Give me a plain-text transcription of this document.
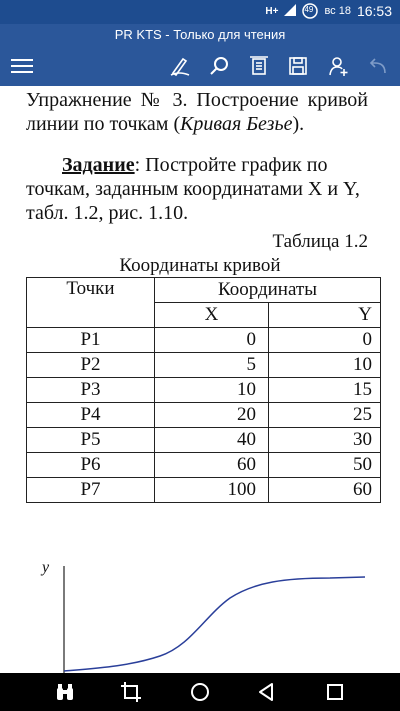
H+	49 вс 18 16:53
PR KTS - Только для чтения
Упражнение № 3. Построение кривой линии по точкам (Кривая Безье).
Задание: Постройте график по точкам, заданным координатами X и Y, табл. 1.2, рис. 1.10.
Таблица 1.2
Координаты кривой
Точки	Координаты	
	X	Y
P1	0	0
P2	5	10
P3	10	15
P4	20	25
P5	40	30
P6	60	50
P7	100	60
y
